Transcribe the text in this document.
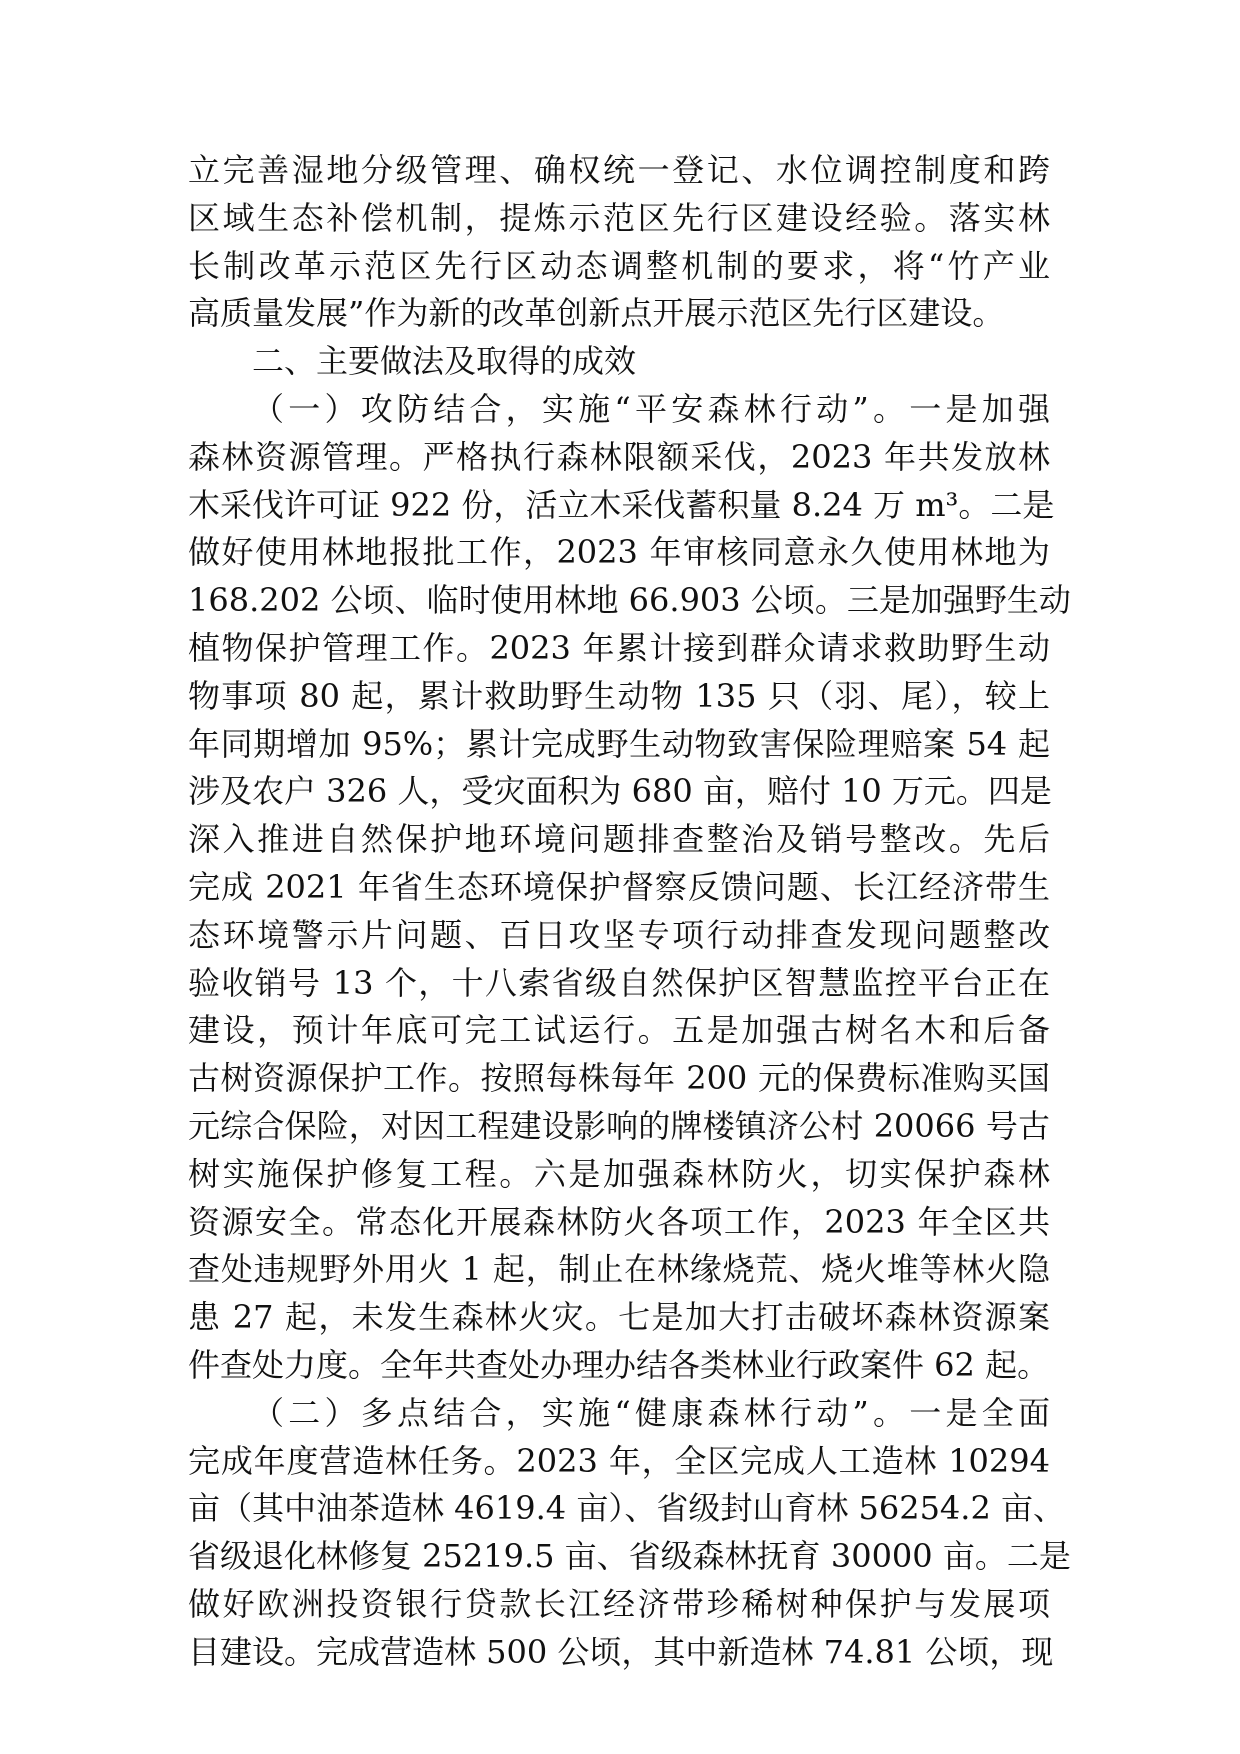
立完善湿地分级管理、确权统一登记、水位调控制度和跨
区域生态补偿机制，提炼示范区先行区建设经验。落实林
长制改革示范区先行区动态调整机制的要求，将“竹产业
高质量发展”作为新的改革创新点开展示范区先行区建设。
二、主要做法及取得的成效
（一）攻防结合，实施“平安森林行动”。一是加强
森林资源管理。严格执行森林限额采伐，2023 年共发放林
木采伐许可证 922 份，活立木采伐蓄积量 8.24 万 m³。二是
做好使用林地报批工作，2023 年审核同意永久使用林地为
168.202 公顷、临时使用林地 66.903 公顷。三是加强野生动
植物保护管理工作。2023 年累计接到群众请求救助野生动
物事项 80 起，累计救助野生动物 135 只（羽、尾），较上
年同期增加 95%；累计完成野生动物致害保险理赔案 54 起
涉及农户 326 人，受灾面积为 680 亩，赔付 10 万元。四是
深入推进自然保护地环境问题排查整治及销号整改。先后
完成 2021 年省生态环境保护督察反馈问题、长江经济带生
态环境警示片问题、百日攻坚专项行动排查发现问题整改
验收销号 13 个，十八索省级自然保护区智慧监控平台正在
建设，预计年底可完工试运行。五是加强古树名木和后备
古树资源保护工作。按照每株每年 200 元的保费标准购买国
元综合保险，对因工程建设影响的牌楼镇济公村 20066 号古
树实施保护修复工程。六是加强森林防火，切实保护森林
资源安全。常态化开展森林防火各项工作，2023 年全区共
查处违规野外用火 1 起，制止在林缘烧荒、烧火堆等林火隐
患 27 起，未发生森林火灾。七是加大打击破坏森林资源案
件查处力度。全年共查处办理办结各类林业行政案件 62 起。
（二）多点结合，实施“健康森林行动”。一是全面
完成年度营造林任务。2023 年，全区完成人工造林 10294
亩（其中油茶造林 4619.4 亩）、省级封山育林 56254.2 亩、
省级退化林修复 25219.5 亩、省级森林抚育 30000 亩。二是
做好欧洲投资银行贷款长江经济带珍稀树种保护与发展项
目建设。完成营造林 500 公顷，其中新造林 74.81 公顷，现
